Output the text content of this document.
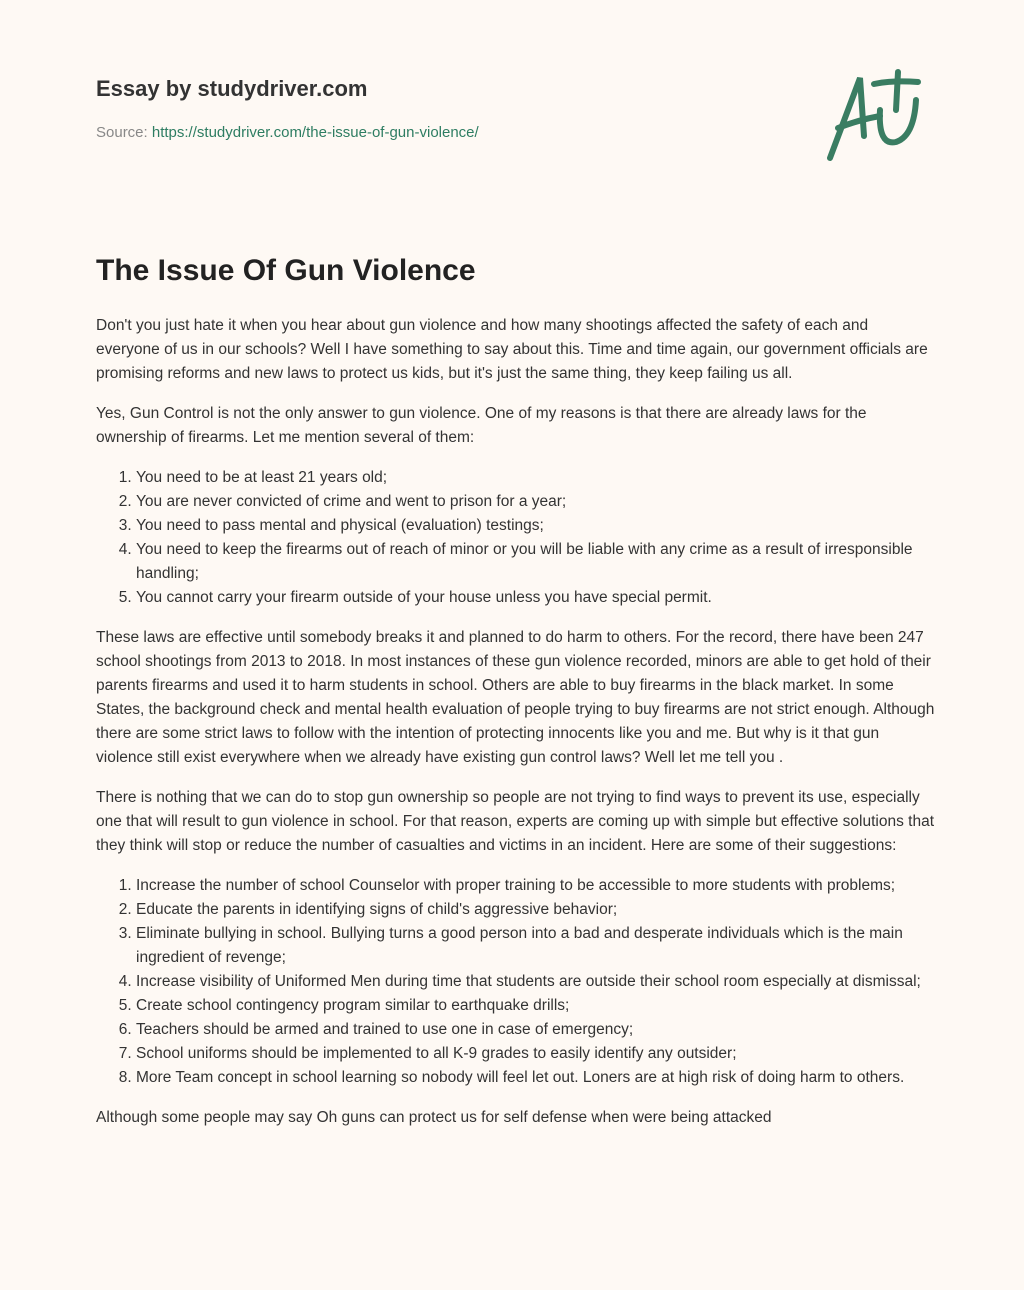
Essay by studydriver.com
Source: https://studydriver.com/the-issue-of-gun-violence/
The Issue Of Gun Violence

Don't you just hate it when you hear about gun violence and how many shootings affected the safety of each and everyone of us in our schools? Well I have something to say about this. Time and time again, our government officials are promising reforms and new laws to protect us kids, but it's just the same thing, they keep failing us all.

Yes, Gun Control is not the only answer to gun violence. One of my reasons is that there are already laws for the ownership of firearms. Let me mention several of them:

1. You need to be at least 21 years old;
2. You are never convicted of crime and went to prison for a year;
3. You need to pass mental and physical (evaluation) testings;
4. You need to keep the firearms out of reach of minor or you will be liable with any crime as a result of irresponsible handling;
5. You cannot carry your firearm outside of your house unless you have special permit.

These laws are effective until somebody breaks it and planned to do harm to others. For the record, there have been 247 school shootings from 2013 to 2018. In most instances of these gun violence recorded, minors are able to get hold of their parents firearms and used it to harm students in school. Others are able to buy firearms in the black market. In some States, the background check and mental health evaluation of people trying to buy firearms are not strict enough. Although there are some strict laws to follow with the intention of protecting innocents like you and me. But why is it that gun violence still exist everywhere when we already have existing gun control laws? Well let me tell you .

There is nothing that we can do to stop gun ownership so people are not trying to find ways to prevent its use, especially one that will result to gun violence in school. For that reason, experts are coming up with simple but effective solutions that they think will stop or reduce the number of casualties and victims in an incident. Here are some of their suggestions:

1. Increase the number of school Counselor with proper training to be accessible to more students with problems;
2. Educate the parents in identifying signs of child's aggressive behavior;
3. Eliminate bullying in school. Bullying turns a good person into a bad and desperate individuals which is the main ingredient of revenge;
4. Increase visibility of Uniformed Men during time that students are outside their school room especially at dismissal;
5. Create school contingency program similar to earthquake drills;
6. Teachers should be armed and trained to use one in case of emergency;
7. School uniforms should be implemented to all K-9 grades to easily identify any outsider;
8. More Team concept in school learning so nobody will feel let out. Loners are at high risk of doing harm to others.

Although some people may say Oh guns can protect us for self defense when were being attacked
